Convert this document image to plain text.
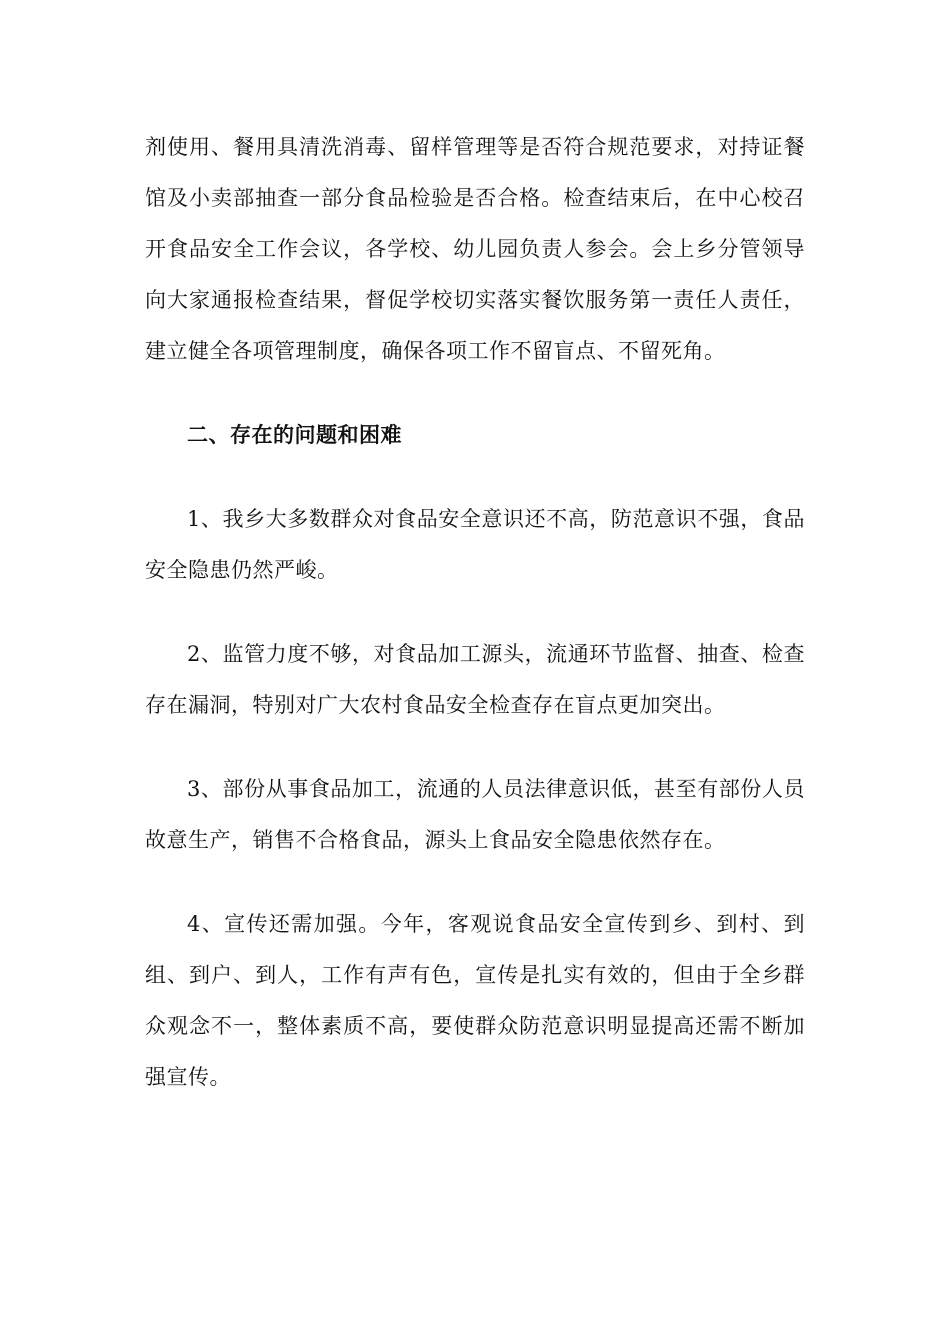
剂使用、餐用具清洗消毒、留样管理等是否符合规范要求，对持证餐馆及小卖部抽查一部分食品检验是否合格。检查结束后，在中心校召开食品安全工作会议，各学校、幼儿园负责人参会。会上乡分管领导向大家通报检查结果，督促学校切实落实餐饮服务第一责任人责任，建立健全各项管理制度，确保各项工作不留盲点、不留死角。

二、存在的问题和困难

1、我乡大多数群众对食品安全意识还不高，防范意识不强，食品安全隐患仍然严峻。

2、监管力度不够，对食品加工源头，流通环节监督、抽查、检查存在漏洞，特别对广大农村食品安全检查存在盲点更加突出。

3、部份从事食品加工，流通的人员法律意识低，甚至有部份人员故意生产，销售不合格食品，源头上食品安全隐患依然存在。

4、宣传还需加强。今年，客观说食品安全宣传到乡、到村、到组、到户、到人，工作有声有色，宣传是扎实有效的，但由于全乡群众观念不一，整体素质不高，要使群众防范意识明显提高还需不断加强宣传。
